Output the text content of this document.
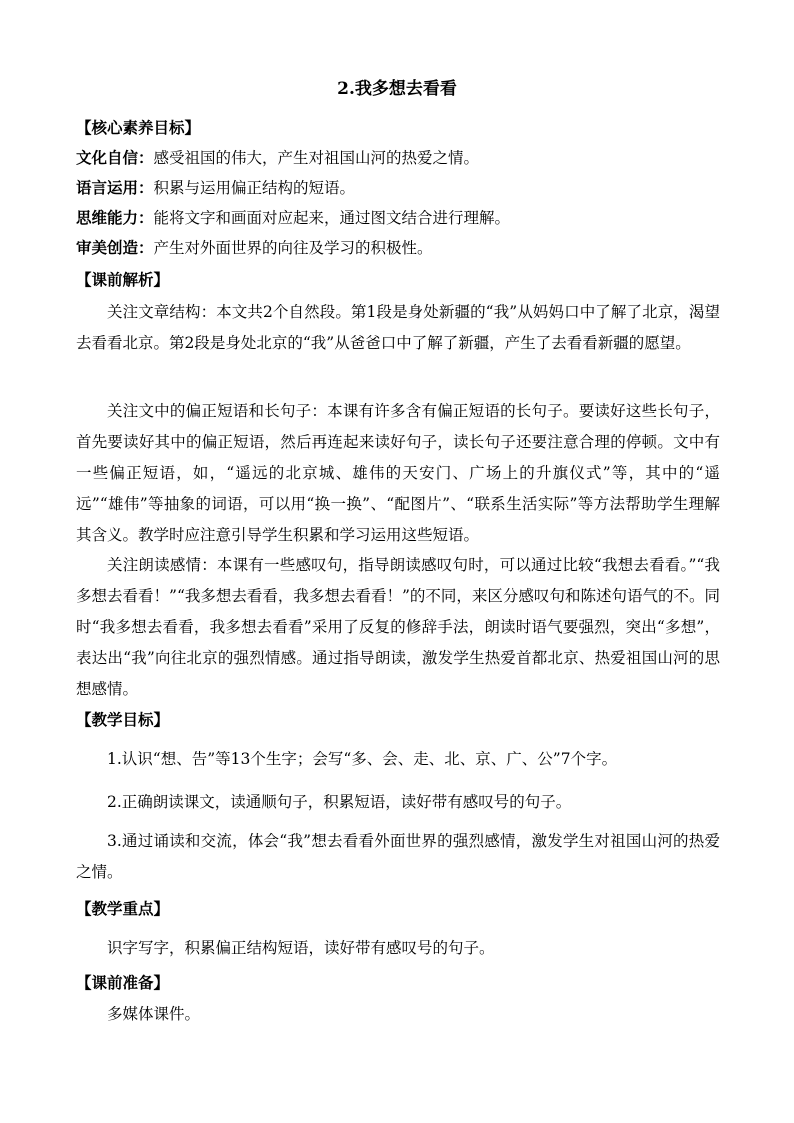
2.我多想去看看
【核心素养目标】
文化自信：感受祖国的伟大，产生对祖国山河的热爱之情。
语言运用：积累与运用偏正结构的短语。
思维能力：能将文字和画面对应起来，通过图文结合进行理解。
审美创造：产生对外面世界的向往及学习的积极性。
【课前解析】
关注文章结构：本文共2个自然段。第1段是身处新疆的“我”从妈妈口中了解了北京，渴望去看看北京。第2段是身处北京的“我”从爸爸口中了解了新疆，产生了去看看新疆的愿望。
关注文中的偏正短语和长句子：本课有许多含有偏正短语的长句子。要读好这些长句子，首先要读好其中的偏正短语，然后再连起来读好句子，读长句子还要注意合理的停顿。文中有一些偏正短语，如，“遥远的北京城、雄伟的天安门、广场上的升旗仪式”等，其中的“遥远”“雄伟”等抽象的词语，可以用“换一换”、“配图片”、“联系生活实际”等方法帮助学生理解其含义。教学时应注意引导学生积累和学习运用这些短语。
关注朗读感情：本课有一些感叹句，指导朗读感叹句时，可以通过比较“我想去看看。”“我多想去看看！”“我多想去看看，我多想去看看！”的不同，来区分感叹句和陈述句语气的不。同时“我多想去看看，我多想去看看”采用了反复的修辞手法，朗读时语气要强烈，突出“多想”，表达出“我”向往北京的强烈情感。通过指导朗读，激发学生热爱首都北京、热爱祖国山河的思想感情。
【教学目标】
1.认识“想、告”等13个生字；会写“多、会、走、北、京、广、公”7个字。
2.正确朗读课文，读通顺句子，积累短语，读好带有感叹号的句子。
3.通过诵读和交流，体会“我”想去看看外面世界的强烈感情，激发学生对祖国山河的热爱之情。
【教学重点】
识字写字，积累偏正结构短语，读好带有感叹号的句子。
【课前准备】
多媒体课件。
